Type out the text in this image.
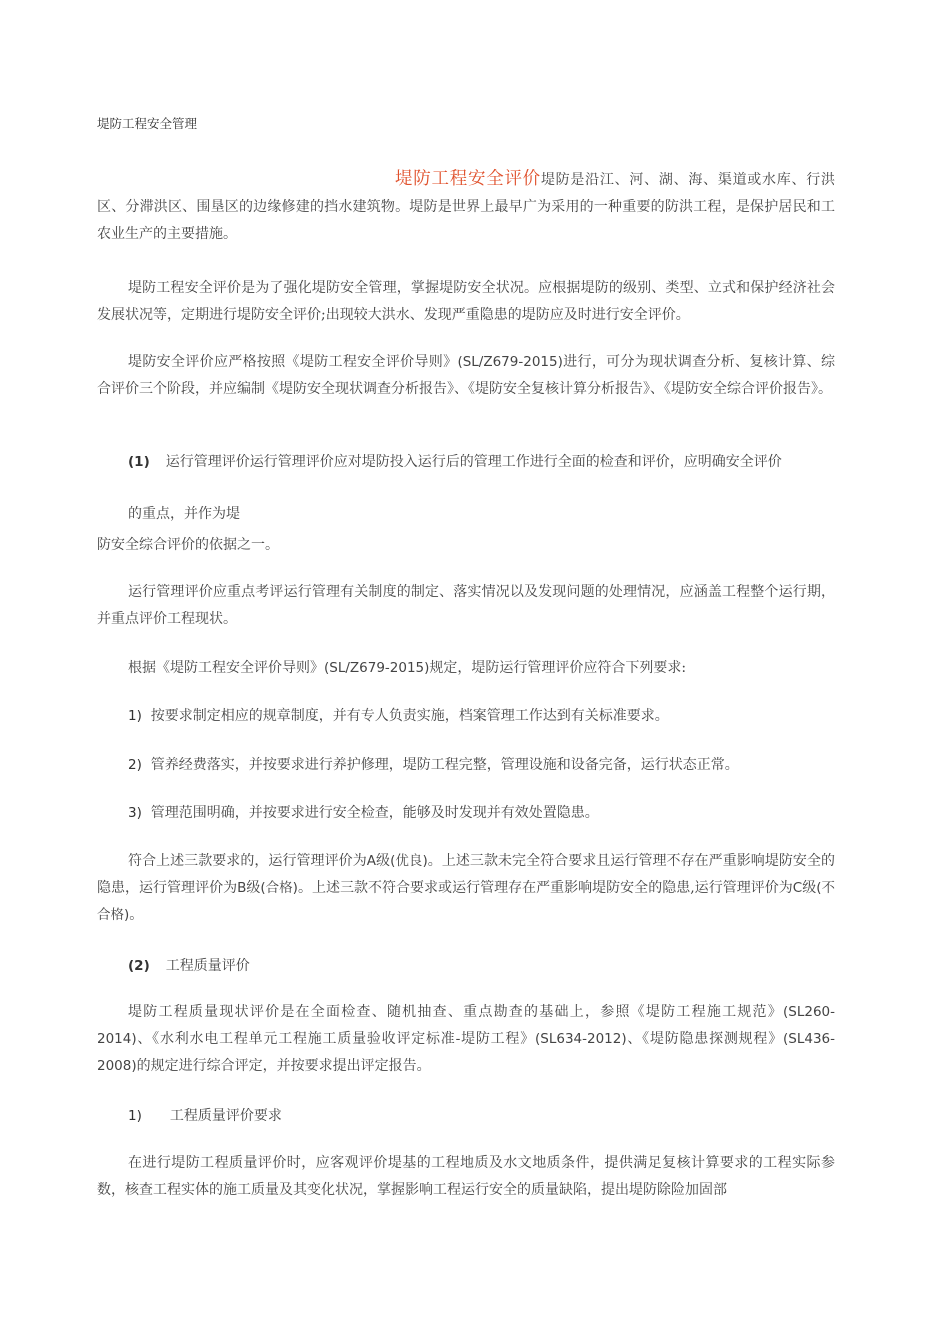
堤防工程安全管理

堤防工程安全评价堤防是沿江、河、湖、海、渠道或水库、行洪区、分滞洪区、围垦区的边缘修建的挡水建筑物。堤防是世界上最早广为采用的一种重要的防洪工程，是保护居民和工农业生产的主要措施。

堤防工程安全评价是为了强化堤防安全管理，掌握堤防安全状况。应根据堤防的级别、类型、立式和保护经济社会发展状况等，定期进行堤防安全评价;出现较大洪水、发现严重隐患的堤防应及时进行安全评价。

堤防安全评价应严格按照《堤防工程安全评价导则》(SL/Z679-2015)进行，可分为现状调查分析、复核计算、综合评价三个阶段，并应编制《堤防安全现状调查分析报告》、《堤防安全复核计算分析报告》、《堤防安全综合评价报告》。

(1) 运行管理评价运行管理评价应对堤防投入运行后的管理工作进行全面的检查和评价，应明确安全评价
的重点，并作为堤
防安全综合评价的依据之一。

运行管理评价应重点考评运行管理有关制度的制定、落实情况以及发现问题的处理情况，应涵盖工程整个运行期，并重点评价工程现状。

根据《堤防工程安全评价导则》(SL/Z679-2015)规定，堤防运行管理评价应符合下列要求:
1) 按要求制定相应的规章制度，并有专人负责实施，档案管理工作达到有关标准要求。
2) 管养经费落实，并按要求进行养护修理，堤防工程完整，管理设施和设备完备，运行状态正常。
3) 管理范围明确，并按要求进行安全检查，能够及时发现并有效处置隐患。

符合上述三款要求的，运行管理评价为A级(优良)。上述三款未完全符合要求且运行管理不存在严重影响堤防安全的隐患，运行管理评价为B级(合格)。上述三款不符合要求或运行管理存在严重影响堤防安全的隐患,运行管理评价为C级(不合格)。

(2) 工程质量评价

堤防工程质量现状评价是在全面检查、随机抽查、重点勘查的基础上，参照《堤防工程施工规范》(SL260-2014)、《水利水电工程单元工程施工质量验收评定标准-堤防工程》(SL634-2012)、《堤防隐患探测规程》(SL436-2008)的规定进行综合评定，并按要求提出评定报告。

1) 工程质量评价要求

在进行堤防工程质量评价时，应客观评价堤基的工程地质及水文地质条件，提供满足复核计算要求的工程实际参数，核查工程实体的施工质量及其变化状况，掌握影响工程运行安全的质量缺陷，提出堤防除险加固部
